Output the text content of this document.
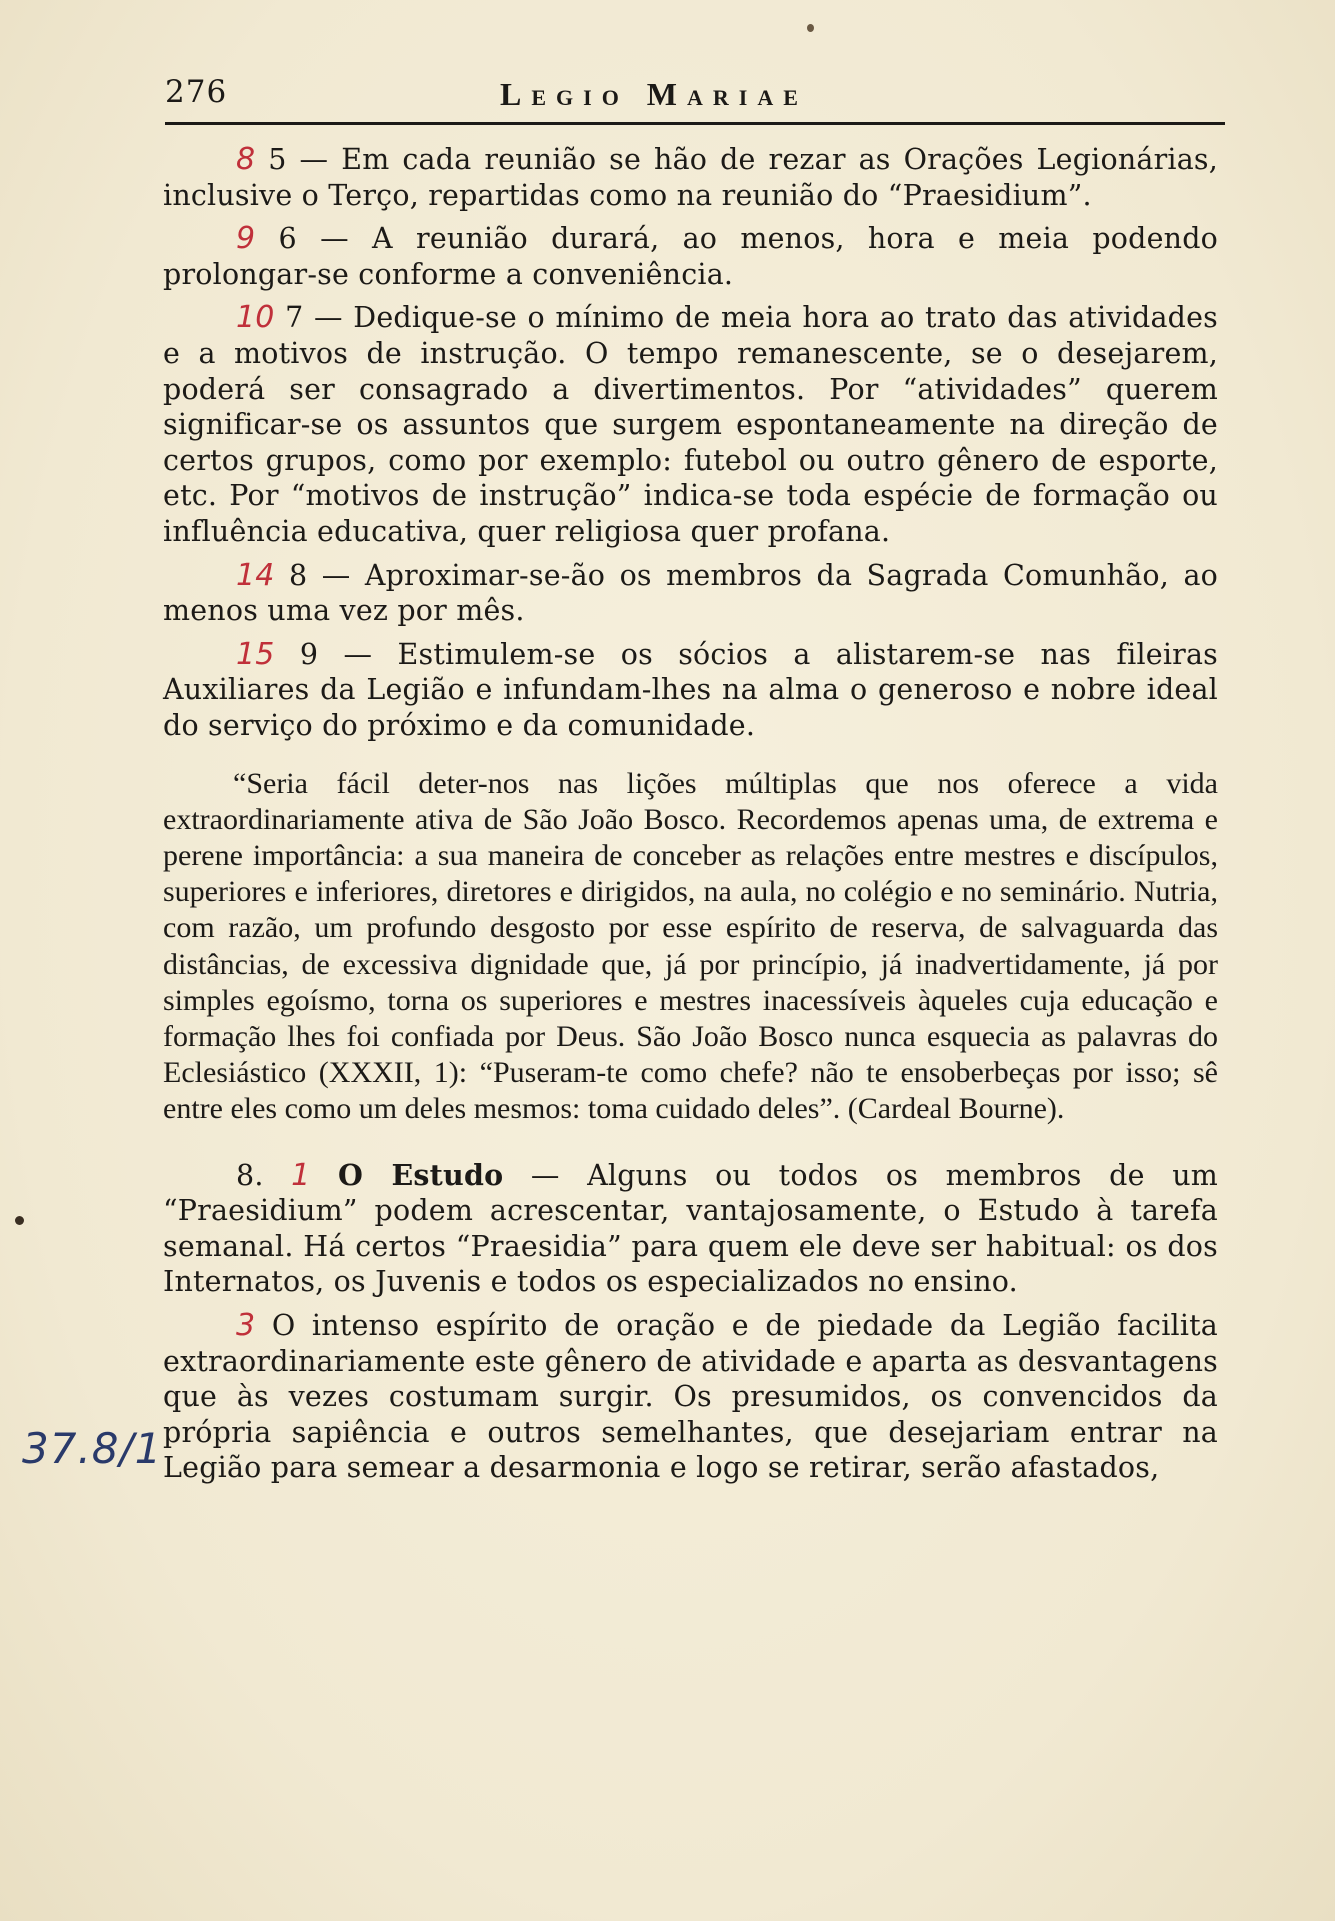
276	Legio Mariae
37.8/1

8 5 — Em cada reunião se hão de rezar as Orações Legionárias, inclusive o Terço, repartidas como na reunião do “Praesidium”.

9 6 — A reunião durará, ao menos, hora e meia podendo prolongar-se conforme a conveniência.

10 7 — Dedique-se o mínimo de meia hora ao trato das atividades e a motivos de instrução. O tempo remanescente, se o desejarem, poderá ser consagrado a divertimentos. Por “atividades” querem significar-se os assuntos que surgem espontaneamente na direção de certos grupos, como por exemplo: futebol ou outro gênero de esporte, etc. Por “motivos de instrução” indica-se toda espécie de formação ou influência educativa, quer religiosa quer profana.

14 8 — Aproximar-se-ão os membros da Sagrada Comunhão, ao menos uma vez por mês.

15 9 — Estimulem-se os sócios a alistarem-se nas fileiras Auxiliares da Legião e infundam-lhes na alma o generoso e nobre ideal do serviço do próximo e da comunidade.

“Seria fácil deter-nos nas lições múltiplas que nos oferece a vida extraordinariamente ativa de São João Bosco. Recordemos apenas uma, de extrema e perene importância: a sua maneira de conceber as relações entre mestres e discípulos, superiores e inferiores, diretores e dirigidos, na aula, no colégio e no seminário. Nutria, com razão, um profundo desgosto por esse espírito de reserva, de salvaguarda das distâncias, de excessiva dignidade que, já por princípio, já inadvertidamente, já por simples egoísmo, torna os superiores e mestres inacessíveis àqueles cuja educação e formação lhes foi confiada por Deus. São João Bosco nunca esquecia as palavras do Eclesiástico (XXXII, 1): “Puseram-te como chefe? não te ensoberbeças por isso; sê entre eles como um deles mesmos: toma cuidado deles”. (Cardeal Bourne).

8. 1 O Estudo — Alguns ou todos os membros de um “Praesidium” podem acrescentar, vantajosamente, o Estudo à tarefa semanal. Há certos “Praesidia” para quem ele deve ser habitual: os dos Internatos, os Juvenis e todos os especializados no ensino.

3 O intenso espírito de oração e de piedade da Legião facilita extraordinariamente este gênero de atividade e aparta as desvantagens que às vezes costumam surgir. Os presumidos, os convencidos da própria sapiência e outros semelhantes, que desejariam entrar na Legião para semear a desarmonia e logo se retirar, serão afastados,
